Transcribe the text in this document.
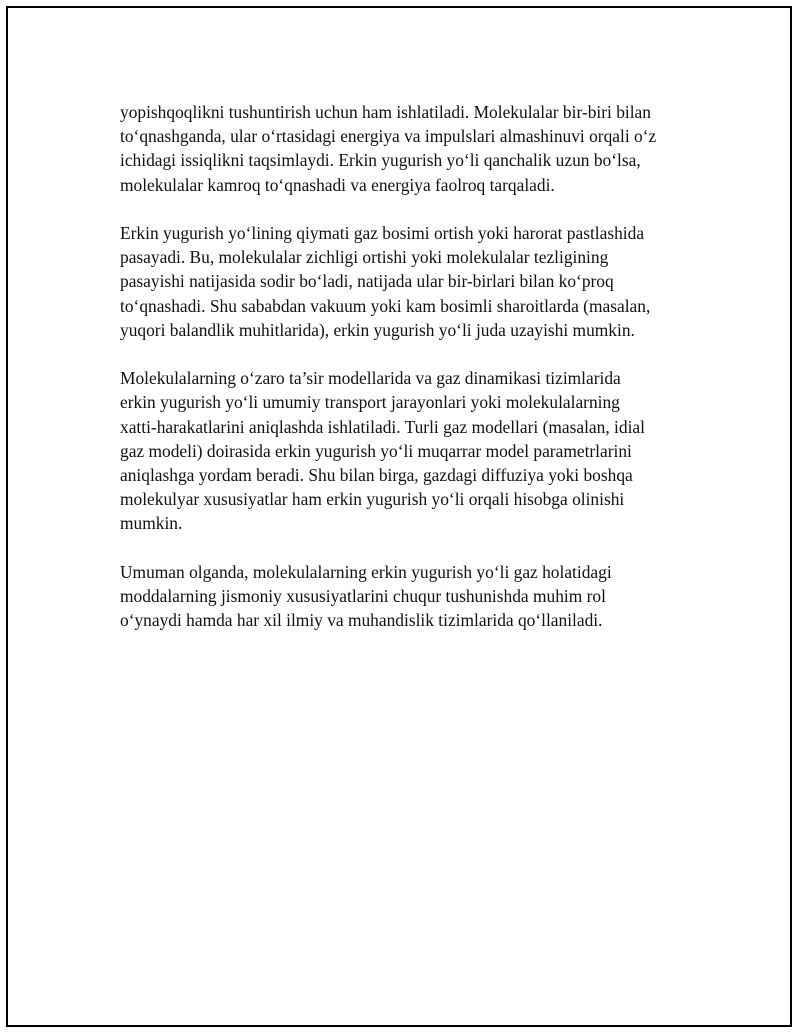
yopishqoqlikni tushuntirish uchun ham ishlatiladi. Molekulalar bir-biri bilan
to‘qnashganda, ular o‘rtasidagi energiya va impulslari almashinuvi orqali o‘z
ichidagi issiqlikni taqsimlaydi. Erkin yugurish yo‘li qanchalik uzun bo‘lsa,
molekulalar kamroq to‘qnashadi va energiya faolroq tarqaladi.

Erkin yugurish yo‘lining qiymati gaz bosimi ortish yoki harorat pastlashida
pasayadi. Bu, molekulalar zichligi ortishi yoki molekulalar tezligining
pasayishi natijasida sodir bo‘ladi, natijada ular bir-birlari bilan ko‘proq
to‘qnashadi. Shu sababdan vakuum yoki kam bosimli sharoitlarda (masalan,
yuqori balandlik muhitlarida), erkin yugurish yo‘li juda uzayishi mumkin.

Molekulalarning o‘zaro ta’sir modellarida va gaz dinamikasi tizimlarida
erkin yugurish yo‘li umumiy transport jarayonlari yoki molekulalarning
xatti-harakatlarini aniqlashda ishlatiladi. Turli gaz modellari (masalan, idial
gaz modeli) doirasida erkin yugurish yo‘li muqarrar model parametrlarini
aniqlashga yordam beradi. Shu bilan birga, gazdagi diffuziya yoki boshqa
molekulyar xususiyatlar ham erkin yugurish yo‘li orqali hisobga olinishi
mumkin.

Umuman olganda, molekulalarning erkin yugurish yo‘li gaz holatidagi
moddalarning jismoniy xususiyatlarini chuqur tushunishda muhim rol
o‘ynaydi hamda har xil ilmiy va muhandislik tizimlarida qo‘llaniladi.
